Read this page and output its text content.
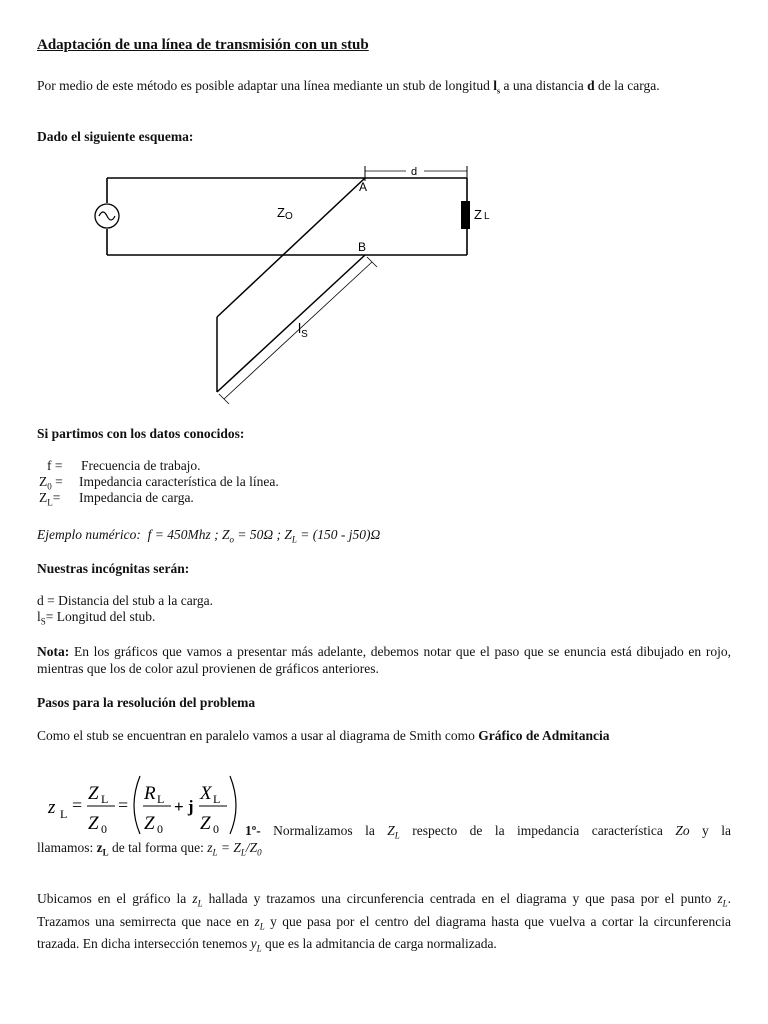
Adaptación de una línea de transmisión con un stub
Por medio de este método es posible adaptar una línea mediante un stub de longitud $l_s$ a una distancia d de la carga.
Dado el siguiente esquema:
d
A
B
ZO	Z L
$l_S$
Si partimos con los datos conocidos:
f = Frecuencia de trabajo.
$Z_0$ = Impedancia característica de la línea.
$Z_L=$ Impedancia de carga.
Ejemplo numérico: f = 450Mhz ; $Z_o = 50\Omega$ ; $Z_L = (150 - j50)\Omega$
Nuestras incógnitas serán:
d = Distancia del stub a la carga.
$l_S=$ Longitud del stub.
Nota: En los gráficos que vamos a presentar más adelante, debemos notar que el paso que se enuncia está dibujado en rojo, mientras que los de color azul provienen de gráficos anteriores.
Pasos para la resolución del problema
Como el stub se encuentran en paralelo vamos a usar al diagrama de Smith como Gráfico de Admitancia
z L =
Z L
Z 0
=
R L
Z 0
+ j
X L
Z 0 1º- Normalizamos la $Z_L$ respecto de la impedancia característica Zo y la
llamamos: $z_L$ de tal forma que: $z_L = Z_L/Z_0$
Ubicamos en el gráfico la $z_L$ hallada y trazamos una circunferencia centrada en el diagrama y que pasa por el punto $z_L$. Trazamos una semirrecta que nace en $z_L$ y que pasa por el centro del diagrama hasta que vuelva a cortar la circunferencia trazada. En dicha intersección tenemos $y_L$ que es la admitancia de carga normalizada.
